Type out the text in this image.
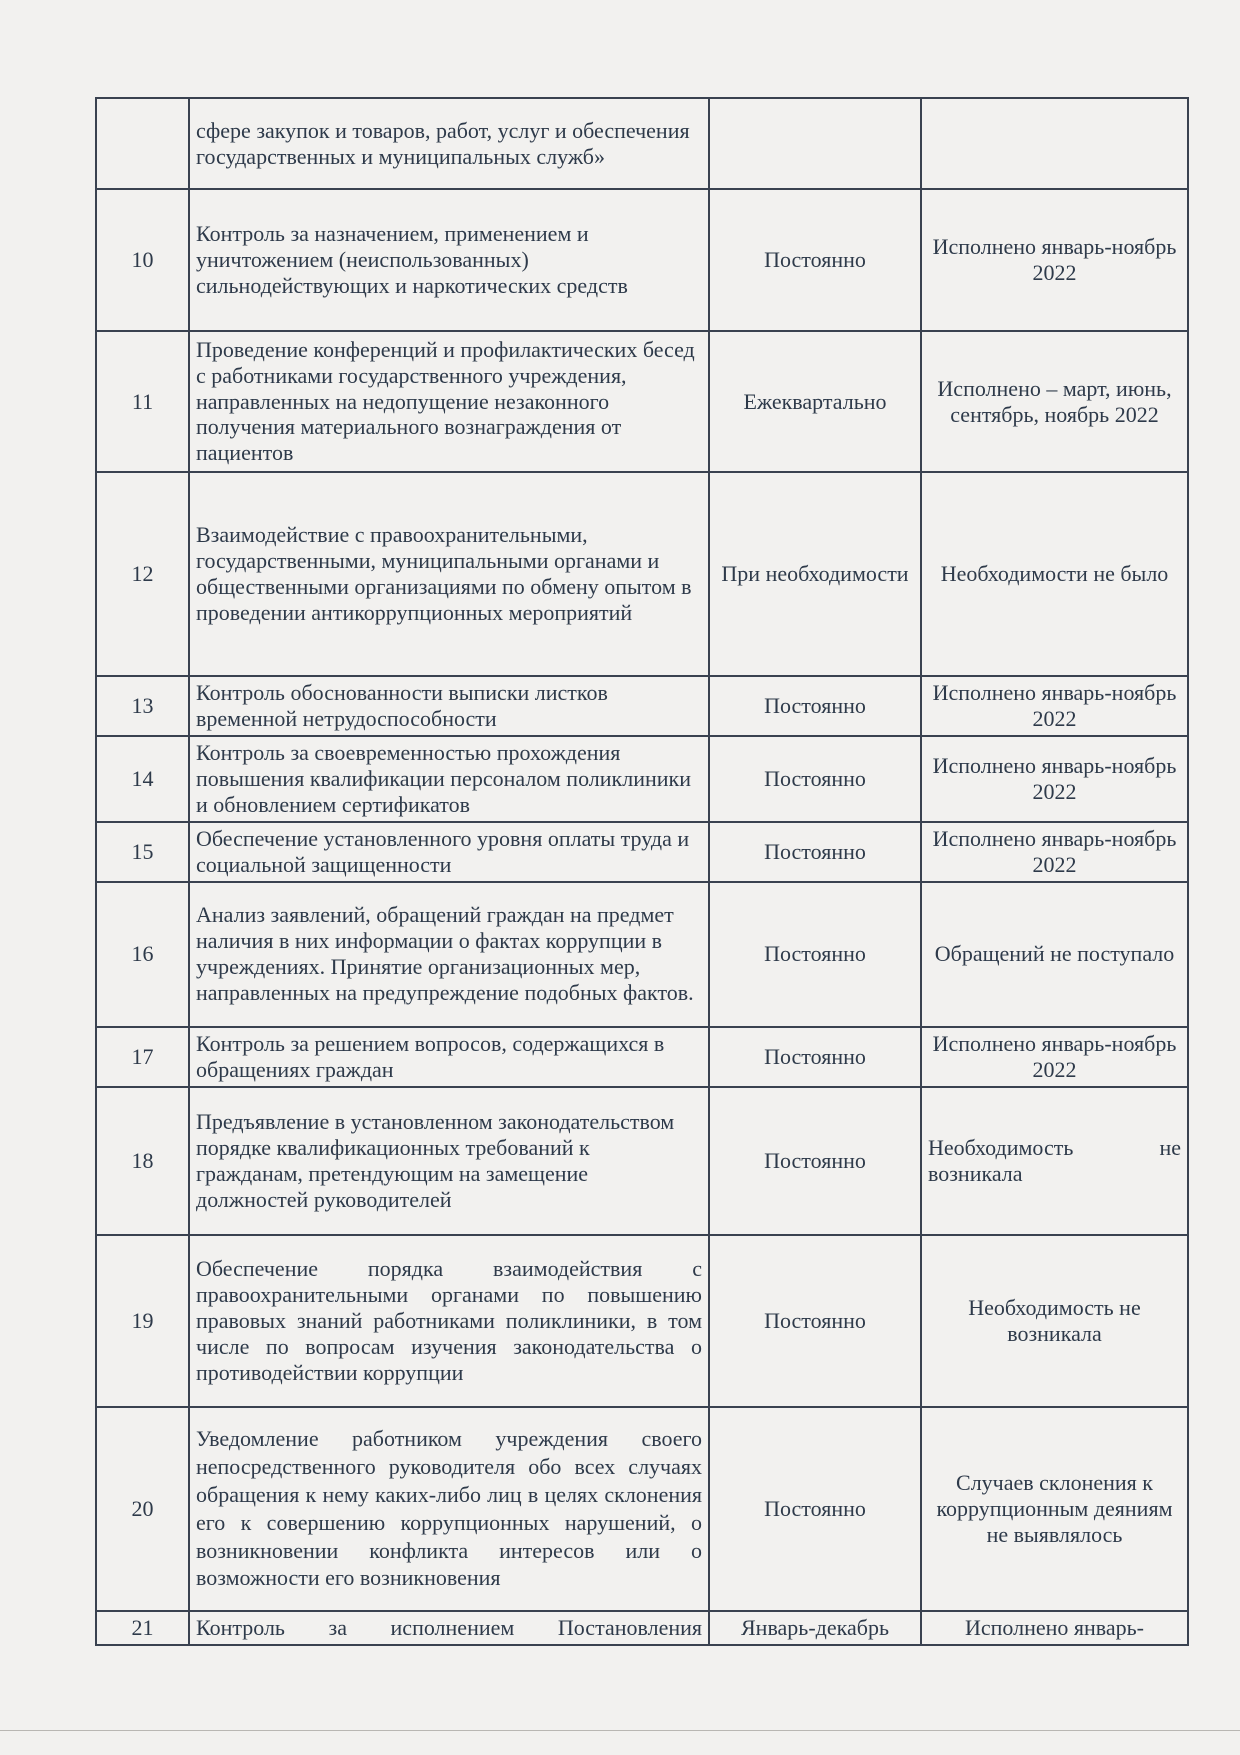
	сфере закупок и товаров, работ, услуг и обеспечения государственных и муниципальных служб»		
10	Контроль за назначением, применением и уничтожением (неиспользованных) сильнодействующих и наркотических средств	Постоянно	Исполнено январь-ноябрь 2022
11	Проведение конференций и профилактических бесед с работниками государственного учреждения, направленных на недопущение незаконного получения материального вознаграждения от пациентов	Ежеквартально	Исполнено – март, июнь, сентябрь, ноябрь 2022
12	Взаимодействие с правоохранительными, государственными, муниципальными органами и общественными организациями по обмену опытом в проведении антикоррупционных мероприятий	При необходимости	Необходимости не было
13	Контроль обоснованности выписки листков временной нетрудоспособности	Постоянно	Исполнено январь-ноябрь 2022
14	Контроль за своевременностью прохождения повышения квалификации персоналом поликлиники и обновлением сертификатов	Постоянно	Исполнено январь-ноябрь 2022
15	Обеспечение установленного уровня оплаты труда и социальной защищенности	Постоянно	Исполнено январь-ноябрь 2022
16	Анализ заявлений, обращений граждан на предмет наличия в них информации о фактах коррупции в учреждениях. Принятие организационных мер, направленных на предупреждение подобных фактов.	Постоянно	Обращений не поступало
17	Контроль за решением вопросов, содержащихся в обращениях граждан	Постоянно	Исполнено январь-ноябрь 2022
18	Предъявление в установленном законодательством порядке квалификационных требований к гражданам, претендующим на замещение должностей руководителей	Постоянно	Необходимость не
возникала
19	Обеспечение порядка взаимодействия с правоохранительными органами по повышению правовых знаний работниками поликлиники, в том числе по вопросам изучения законодательства о противодействии коррупции	Постоянно	Необходимость не возникала
20	Уведомление работником учреждения своего непосредственного руководителя обо всех случаях обращения к нему каких-либо лиц в целях склонения его к совершению коррупционных нарушений, о возникновении конфликта интересов или о возможности его возникновения	Постоянно	Случаев склонения к коррупционным деяниям не выявлялось
21	Контроль за исполнением Постановления	Январь-декабрь	Исполнено январь-
